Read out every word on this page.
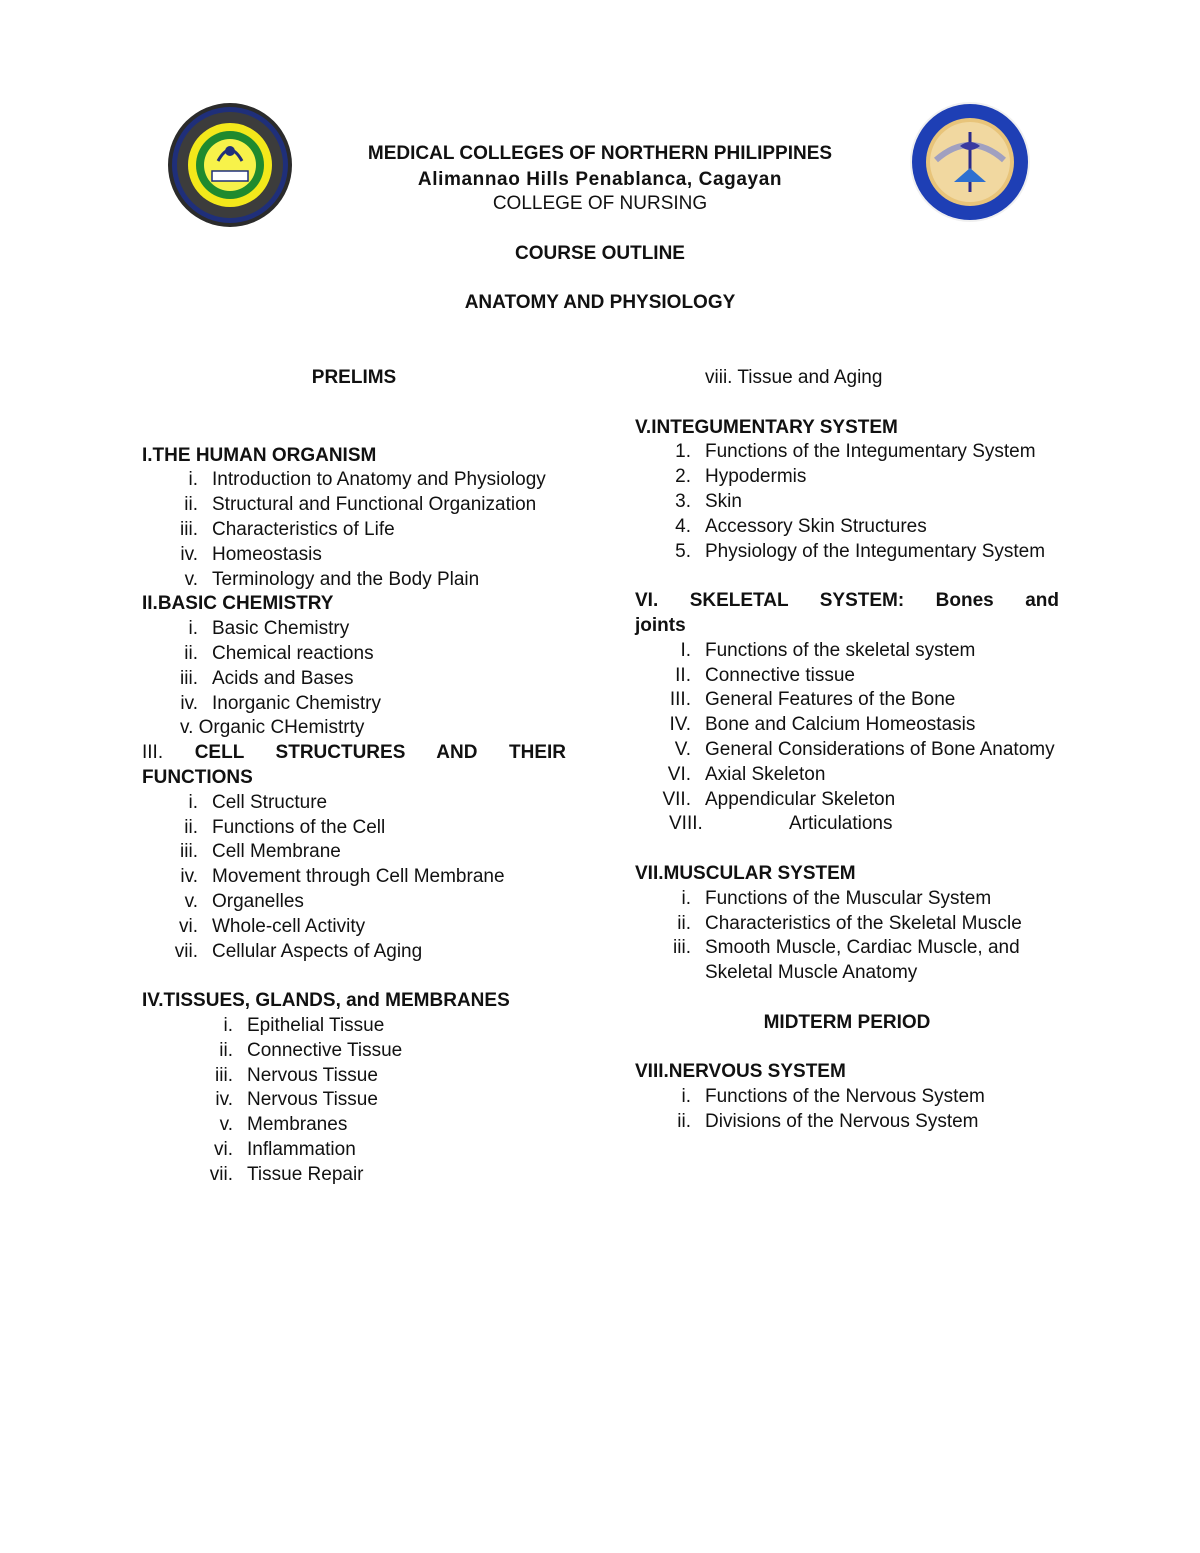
MEDICAL COLLEGES OF NORTHERN PHILIPPINES
Alimannao Hills Penablanca, Cagayan
COLLEGE OF NURSING
COURSE OUTLINE
ANATOMY AND PHYSIOLOGY
PRELIMS
I.THE HUMAN ORGANISM
i. Introduction to Anatomy and Physiology
ii. Structural and Functional Organization
iii. Characteristics of Life
iv. Homeostasis
v. Terminology and the Body Plain
II.BASIC CHEMISTRY
i. Basic Chemistry
ii. Chemical reactions
iii. Acids and Bases
iv. Inorganic Chemistry
v. Organic CHemistrty
III. CELL STRUCTURES AND THEIR FUNCTIONS
i. Cell Structure
ii. Functions of the Cell
iii. Cell Membrane
iv. Movement through Cell Membrane
v. Organelles
vi. Whole-cell Activity
vii. Cellular Aspects of Aging
IV.TISSUES, GLANDS, and MEMBRANES
i. Epithelial Tissue
ii. Connective Tissue
iii. Nervous Tissue
iv. Nervous Tissue
v. Membranes
vi. Inflammation
vii. Tissue Repair
viii. Tissue and Aging
V.INTEGUMENTARY SYSTEM
1. Functions of the Integumentary System
2. Hypodermis
3. Skin
4. Accessory Skin Structures
5. Physiology of the Integumentary System
VI. SKELETAL SYSTEM: Bones and joints
I. Functions of the skeletal system
II. Connective tissue
III. General Features of the Bone
IV. Bone and Calcium Homeostasis
V. General Considerations of Bone Anatomy
VI. Axial Skeleton
VII. Appendicular Skeleton
VIII.	Articulations
VII.MUSCULAR SYSTEM
i. Functions of the Muscular System
ii. Characteristics of the Skeletal Muscle
iii. Smooth Muscle, Cardiac Muscle, and Skeletal Muscle Anatomy
MIDTERM PERIOD
VIII.NERVOUS SYSTEM
i. Functions of the Nervous System
ii. Divisions of the Nervous System
